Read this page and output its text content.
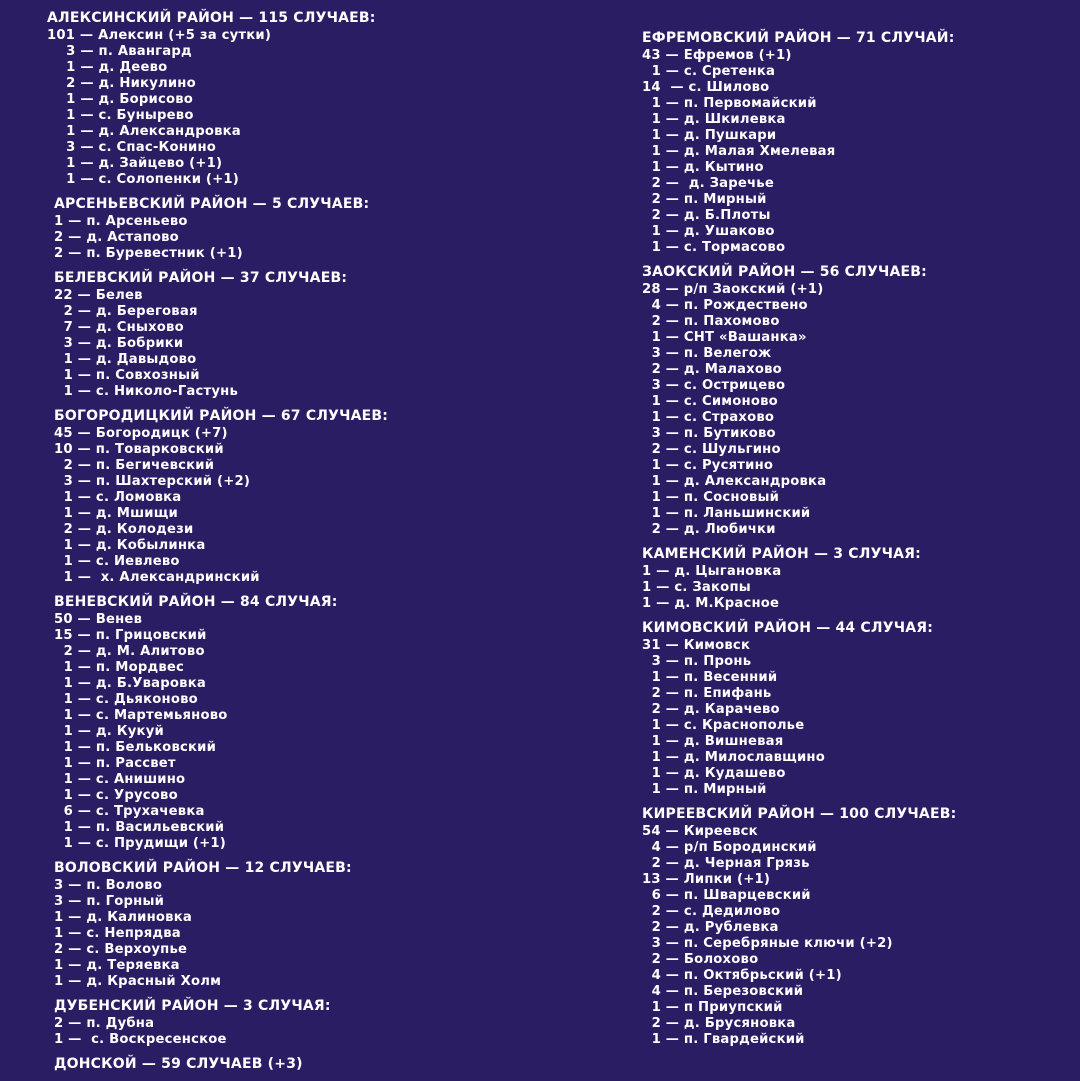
АЛЕКСИНСКИЙ РАЙОН — 115 СЛУЧАЕВ:
101 — Алексин (+5 за сутки)
3 — п. Авангард
1 — д. Деево
2 — д. Никулино
1 — д. Борисово
1 — с. Бунырево
1 — д. Александровка
3 — с. Спас-Конино
1 — д. Зайцево (+1)
1 — с. Солопенки (+1)
АРСЕНЬЕВСКИЙ РАЙОН — 5 СЛУЧАЕВ:
1 — п. Арсеньево
2 — д. Астапово
2 — п. Буревестник (+1)
БЕЛЕВСКИЙ РАЙОН — 37 СЛУЧАЕВ:
22 — Белев
2 — д. Береговая
7 — д. Сныхово
3 — д. Бобрики
1 — д. Давыдово
1 — п. Совхозный
1 — с. Николо-Гастунь
БОГОРОДИЦКИЙ РАЙОН — 67 СЛУЧАЕВ:
45 — Богородицк (+7)
10 — п. Товарковский
2 — п. Бегичевский
3 — п. Шахтерский (+2)
1 — с. Ломовка
1 — д. Мшищи
2 — д. Колодези
1 — д. Кобылинка
1 — с. Иевлево
1 —  х. Александринский
ВЕНЕВСКИЙ РАЙОН — 84 СЛУЧАЯ:
50 — Венев
15 — п. Грицовский
2 — д. М. Алитово
1 — п. Мордвес
1 — д. Б.Уваровка
1 — с. Дьяконово
1 — с. Мартемьяново
1 — д. Кукуй
1 — п. Бельковский
1 — п. Рассвет
1 — с. Анишино
1 — с. Урусово
6 — с. Трухачевка
1 — п. Васильевский
1 — с. Прудищи (+1)
ВОЛОВСКИЙ РАЙОН — 12 СЛУЧАЕВ:
3 — п. Волово
3 — п. Горный
1 — д. Калиновка
1 — с. Непрядва
2 — с. Верхоупье
1 — д. Теряевка
1 — д. Красный Холм
ДУБЕНСКИЙ РАЙОН — 3 СЛУЧАЯ:
2 — п. Дубна
1 —  с. Воскресенское
ДОНСКОЙ — 59 СЛУЧАЕВ (+3)
ЕФРЕМОВСКИЙ РАЙОН — 71 СЛУЧАЙ:
43 — Ефремов (+1)
1 — с. Сретенка
14  — с. Шилово
1 — п. Первомайский
1 — д. Шкилевка
1 — д. Пушкари
1 — д. Малая Хмелевая
1 — д. Кытино
2 —  д. Заречье
2 — п. Мирный
2 — д. Б.Плоты
1 — д. Ушаково
1 — с. Тормасово
ЗАОКСКИЙ РАЙОН — 56 СЛУЧАЕВ:
28 — р/п Заокский (+1)
4 — п. Рождествено
2 — п. Пахомово
1 — СНТ «Вашанка»
3 — п. Велегож
2 — д. Малахово
3 — с. Острицево
1 — с. Симоново
1 — с. Страхово
3 — п. Бутиково
2 — с. Шульгино
1 — с. Русятино
1 — д. Александровка
1 — п. Сосновый
1 — п. Ланьшинский
2 — д. Любички
КАМЕНСКИЙ РАЙОН — 3 СЛУЧАЯ:
1 — д. Цыгановка
1 — с. Закопы
1 — д. М.Красное
КИМОВСКИЙ РАЙОН — 44 СЛУЧАЯ:
31 — Кимовск
3 — п. Пронь
1 — п. Весенний
2 — п. Епифань
2 — д. Карачево
1 — с. Краснополье
1 — д. Вишневая
1 — д. Милославщино
1 — д. Кудашево
1 — п. Мирный
КИРЕЕВСКИЙ РАЙОН — 100 СЛУЧАЕВ:
54 — Киреевск
4 — р/п Бородинский
2 — д. Черная Грязь
13 — Липки (+1)
6 — п. Шварцевский
2 — с. Дедилово
2 — д. Рублевка
3 — п. Серебряные ключи (+2)
2 — Болохово
4 — п. Октябрьский (+1)
4 — п. Березовский
1 — п Приупский
2 — д. Брусяновка
1 — п. Гвардейский
